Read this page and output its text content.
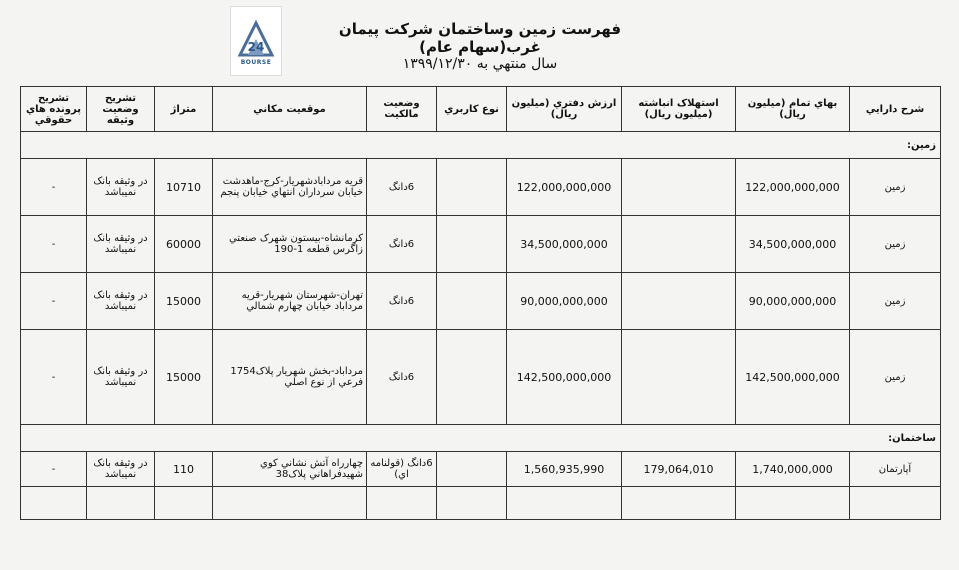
24
BOURSE
فهرست زمين وساختمان شرکت پيمان غرب(سهام عام)
سال منتهي به ۱۳۹۹/۱۲/۳۰
شرح دارايي	بهاي تمام (ميليون ريال)	استهلاک انباشته (ميليون ريال)	ارزش دفتري (ميليون ريال)	نوع کاربري	وضعيت مالکيت	موقعيت مکاني	متراژ	تشريح وضعيت وثيقه	تشريح پرونده هاي حقوقي
زمين:									
زمين	122,000,000,000		122,000,000,000		6دانگ	قريه مردابادشهريار-کرج-ماهدشت خيابان سرداران انتهاي خيابان پنجم	10710	در وثيقه بانک نميباشد	-
زمين	34,500,000,000		34,500,000,000		6دانگ	کرمانشاه-بيستون شهرک صنعتي زاگرس قطعه 1-190	60000	در وثيقه بانک نميباشد	-
زمين	90,000,000,000		90,000,000,000		6دانگ	تهران-شهرستان شهريار-قريه مرداباد خيابان چهارم شمالي	15000	در وثيقه بانک نميباشد	-
زمين	142,500,000,000		142,500,000,000		6دانگ	مرداباد-بخش شهريار پلاک1754 فرعي از نوع اصلي	15000	در وثيقه بانک نميباشد	-
ساختمان:									
آپارتمان	1,740,000,000	179,064,010	1,560,935,990		6دانگ (قولنامه اي)	چهارراه آتش نشاني کوي شهيدفراهاني پلاک38	110	در وثيقه بانک نميباشد	-
